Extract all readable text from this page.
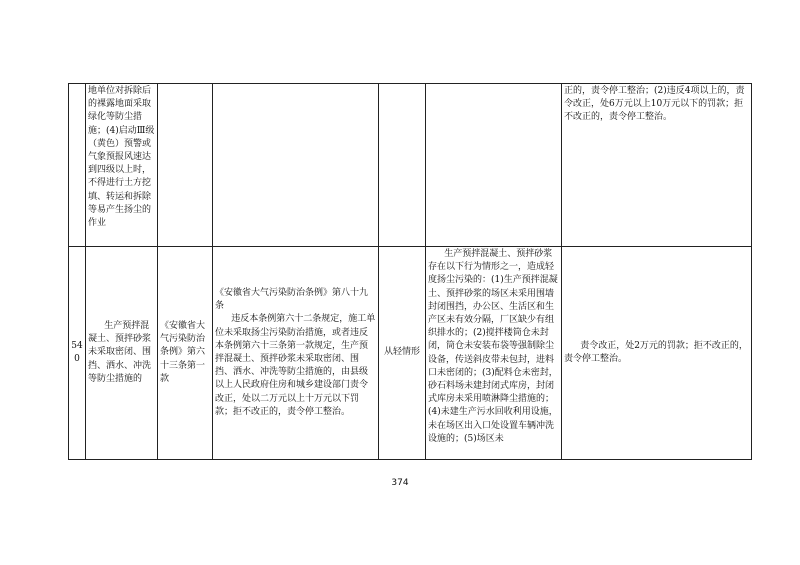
	地单位对拆除后的裸露地面采取绿化等防尘措施；(4)启动Ⅲ级（黄色）预警或气象预报风速达到四级以上时，不得进行土方挖填、转运和拆除等易产生扬尘的作业					正的，责令停工整治；(2)违反4项以上的，责令改正，处6万元以上10万元以下的罚款；拒不改正的，责令停工整治。
540	生产预拌混凝土、预拌砂浆未采取密闭、围挡、洒水、冲洗等防尘措施的	《安徽省大气污染防治条例》第六十三条第一款	《安徽省大气污染防治条例》第八十九条

违反本条例第六十二条规定，施工单位未采取扬尘污染防治措施，或者违反本条例第六十三条第一款规定，生产预拌混凝土、预拌砂浆未采取密闭、围挡、洒水、冲洗等防尘措施的，由县级以上人民政府住房和城乡建设部门责令改正，处以二万元以上十万元以下罚款；拒不改正的，责令停工整治。	从轻情形	生产预拌混凝土、预拌砂浆存在以下行为情形之一，造成轻度扬尘污染的：(1)生产预拌混凝土、预拌砂浆的场区未采用围墙封闭围挡，办公区、生活区和生产区未有效分隔，厂区缺少有组织排水的；(2)搅拌楼筒仓未封闭，筒仓未安装布袋等强制除尘设备，传送斜皮带未包封，进料口未密闭的；(3)配料仓未密封，砂石料场未建封闭式库房，封闭式库房未采用喷淋降尘措施的；(4)未建生产污水回收利用设施，未在场区出入口处设置车辆冲洗设施的；(5)场区未	责令改正，处2万元的罚款；拒不改正的，责令停工整治。
374
